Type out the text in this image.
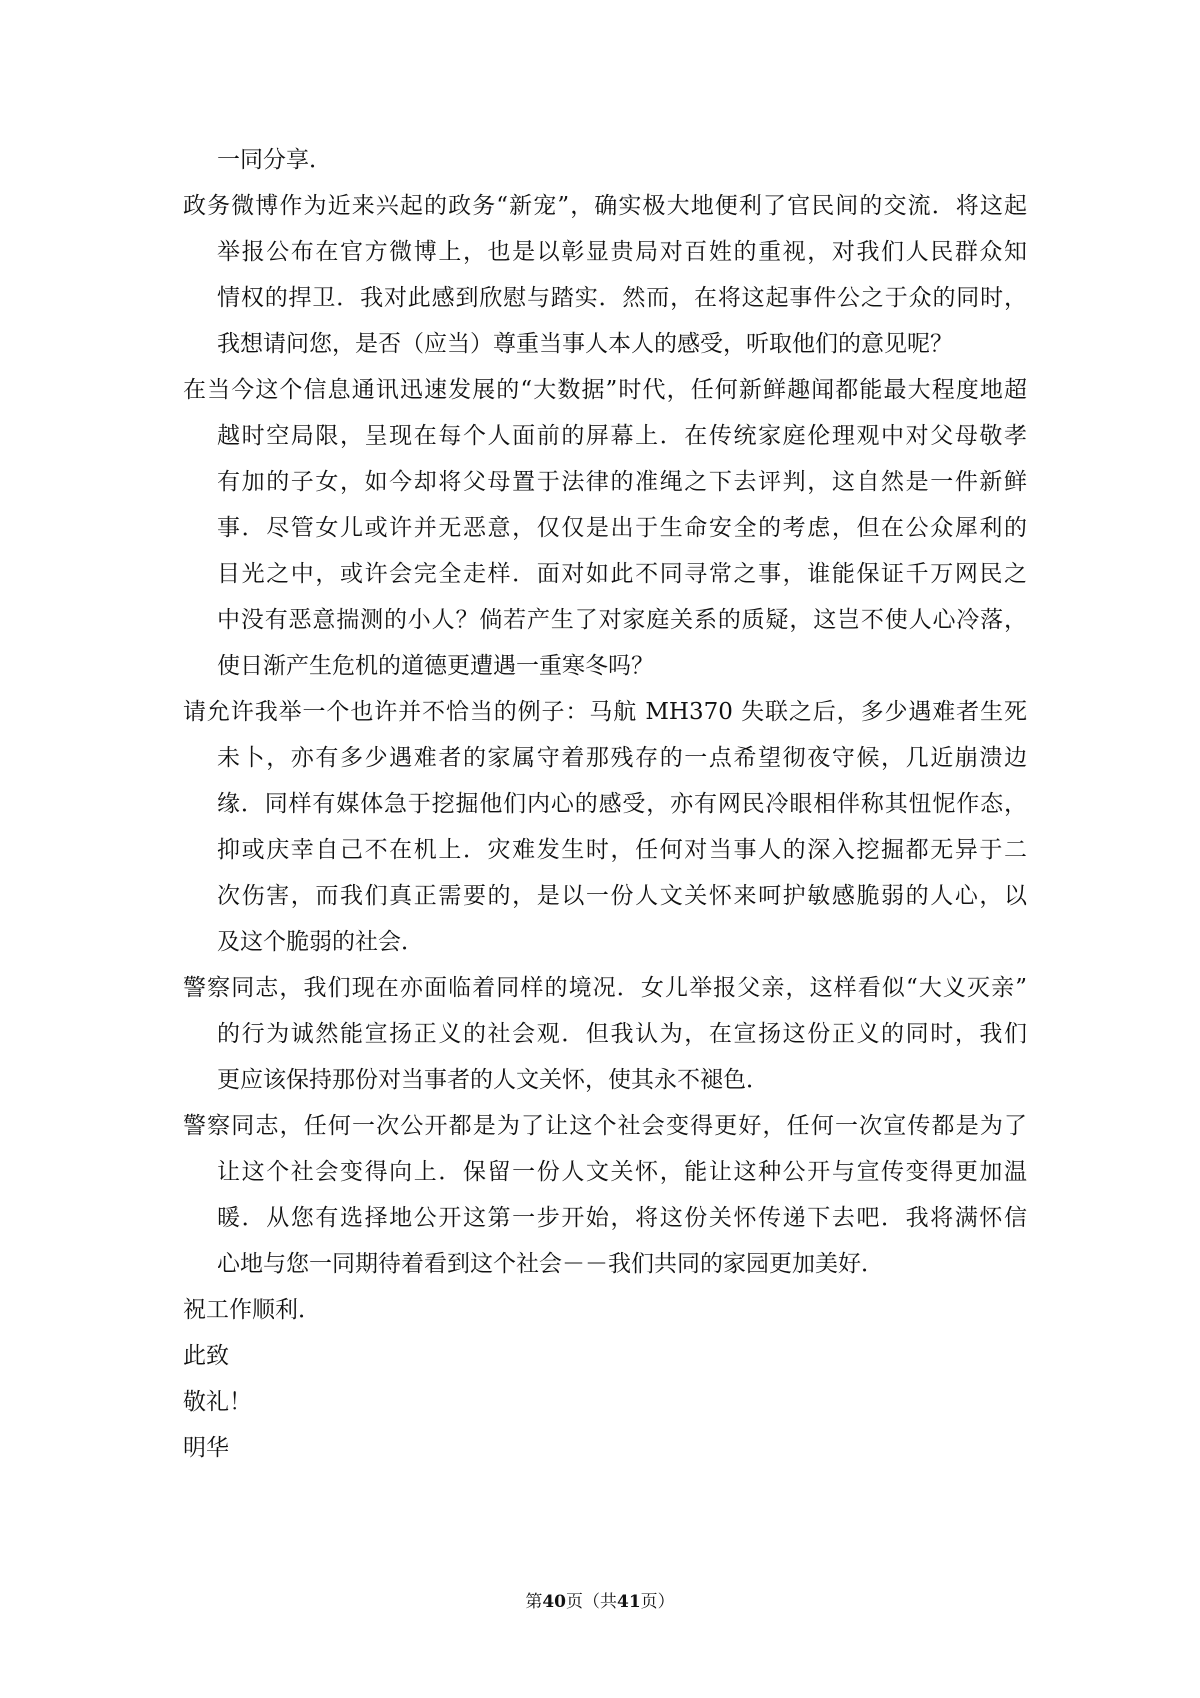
一同分享．
政务微博作为近来兴起的政务“新宠”，确实极大地便利了官民间的交流．将这起
举报公布在官方微博上，也是以彰显贵局对百姓的重视，对我们人民群众知
情权的捍卫．我对此感到欣慰与踏实．然而，在将这起事件公之于众的同时，
我想请问您，是否（应当）尊重当事人本人的感受，听取他们的意见呢？
在当今这个信息通讯迅速发展的“大数据”时代，任何新鲜趣闻都能最大程度地超
越时空局限，呈现在每个人面前的屏幕上．在传统家庭伦理观中对父母敬孝
有加的子女，如今却将父母置于法律的准绳之下去评判，这自然是一件新鲜
事．尽管女儿或许并无恶意，仅仅是出于生命安全的考虑，但在公众犀利的
目光之中，或许会完全走样．面对如此不同寻常之事，谁能保证千万网民之
中没有恶意揣测的小人？倘若产生了对家庭关系的质疑，这岂不使人心冷落，
使日渐产生危机的道德更遭遇一重寒冬吗？
请允许我举一个也许并不恰当的例子：马航 MH370 失联之后，多少遇难者生死
未卜，亦有多少遇难者的家属守着那残存的一点希望彻夜守候，几近崩溃边
缘．同样有媒体急于挖掘他们内心的感受，亦有网民冷眼相伴称其忸怩作态，
抑或庆幸自己不在机上．灾难发生时，任何对当事人的深入挖掘都无异于二
次伤害，而我们真正需要的，是以一份人文关怀来呵护敏感脆弱的人心，以
及这个脆弱的社会．
警察同志，我们现在亦面临着同样的境况．女儿举报父亲，这样看似“大义灭亲”
的行为诚然能宣扬正义的社会观．但我认为，在宣扬这份正义的同时，我们
更应该保持那份对当事者的人文关怀，使其永不褪色．
警察同志，任何一次公开都是为了让这个社会变得更好，任何一次宣传都是为了
让这个社会变得向上．保留一份人文关怀，能让这种公开与宣传变得更加温
暖．从您有选择地公开这第一步开始，将这份关怀传递下去吧．我将满怀信
心地与您一同期待着看到这个社会－－我们共同的家园更加美好．
祝工作顺利．
此致
敬礼！
明华
第40页（共41页）
